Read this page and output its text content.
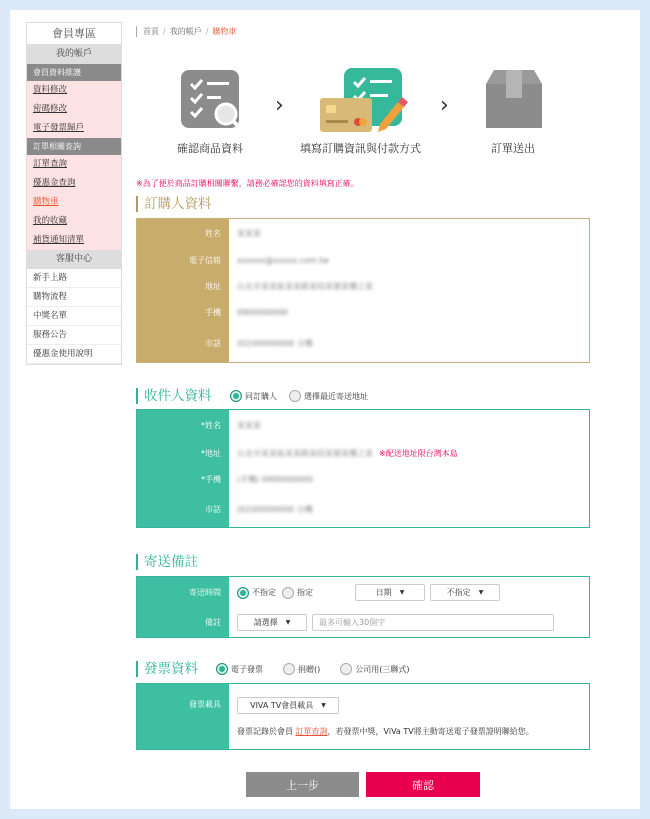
會員專區
我的帳戶
會員資料維護
資料修改
密碼修改
電子發票歸戶
訂單相關查詢
訂單查詢
優惠金查詢
購物車
我的收藏
補貨通知清單
客服中心
新手上路
購物流程
中獎名單
服務公告
優惠金使用說明
首頁 / 我的帳戶 / 購物車
確認商品資料
›
填寫訂購資訊與付款方式
›
訂單送出
※為了便於商品訂購相關聯繫，請務必確認您的資料填寫正確。
訂購人資料
姓名	某某某
電子信箱	xxxxxx@xxxxx.com.tw
地址	台北市某某區某某路某段某號某樓之某
手機	0900000000
市話	(02)00000000 分機
收件人資料	同訂購人	選擇最近寄送地址
*姓名	某某某
*地址	台北市某某區某某路某段某號某樓之某 ※配送地址限台灣本島
*手機	(手機) 0900000000
市話	(02)00000000 分機
寄送備註
寄送時間	不指定	指定	日期 ▼	不指定 ▼
備註	請選擇 ▼	最多可輸入30個字
發票資料	電子發票	捐贈()	公司用(三聯式)
發票載具	VIVA TV會員載具 ▼
發票記錄於會員 訂單查詢，若發票中獎，ViVa TV將主動寄送電子發票證明聯給您。
上一步	確認
